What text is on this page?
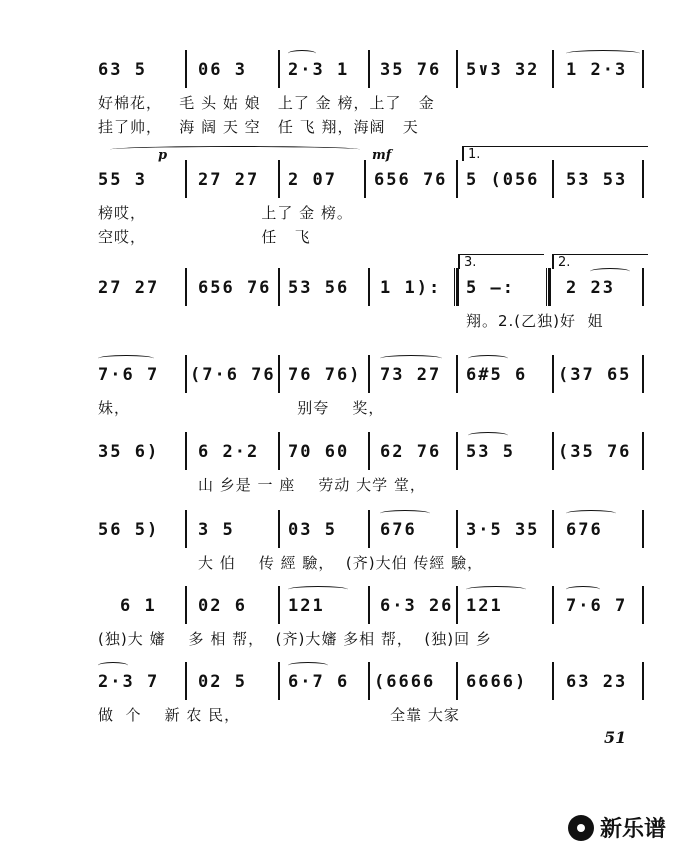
63 5	06 3 2·3 1 35 76 5∨3 32 1 2·3
好棉花，   毛 头 姑 娘   上了 金 榜，上了   金
挂了帅，   海 阔 天 空   任 飞 翔，海阔   天
p	mf	1.
55 3	27 27 2 07 656 76 5 (056 53 53
榜哎，                    上了 金 榜。
空哎，                    任   飞
3.	2.
27 27 656 76 53 56 1 1): 5 —:	2 23
翔。2.(乙独)好  姐
7·6 7 (7·6 76 76 76) 73 27 6#5 6 (37 65
妹，                             别夸    奖，
35 6) 6 2·2 70 60 62 76 53 5	(35 76
山 乡是 一 座    劳动 大学 堂，
56 5) 3 5	03 5	676	3·5 35 676
大 伯    传 經 驗，  (齐)大伯 传經 驗，
6 1 02 6 121	6·3 26 121	7·6 7
(独)大 嬸    多 相 帮，  (齐)大嬸 多相 帮，  (独)回 乡
2·3 7 02 5 6·7 6 (6666 6666) 63 23
做  个    新 农 民，                          全靠 大家
51
新乐谱
